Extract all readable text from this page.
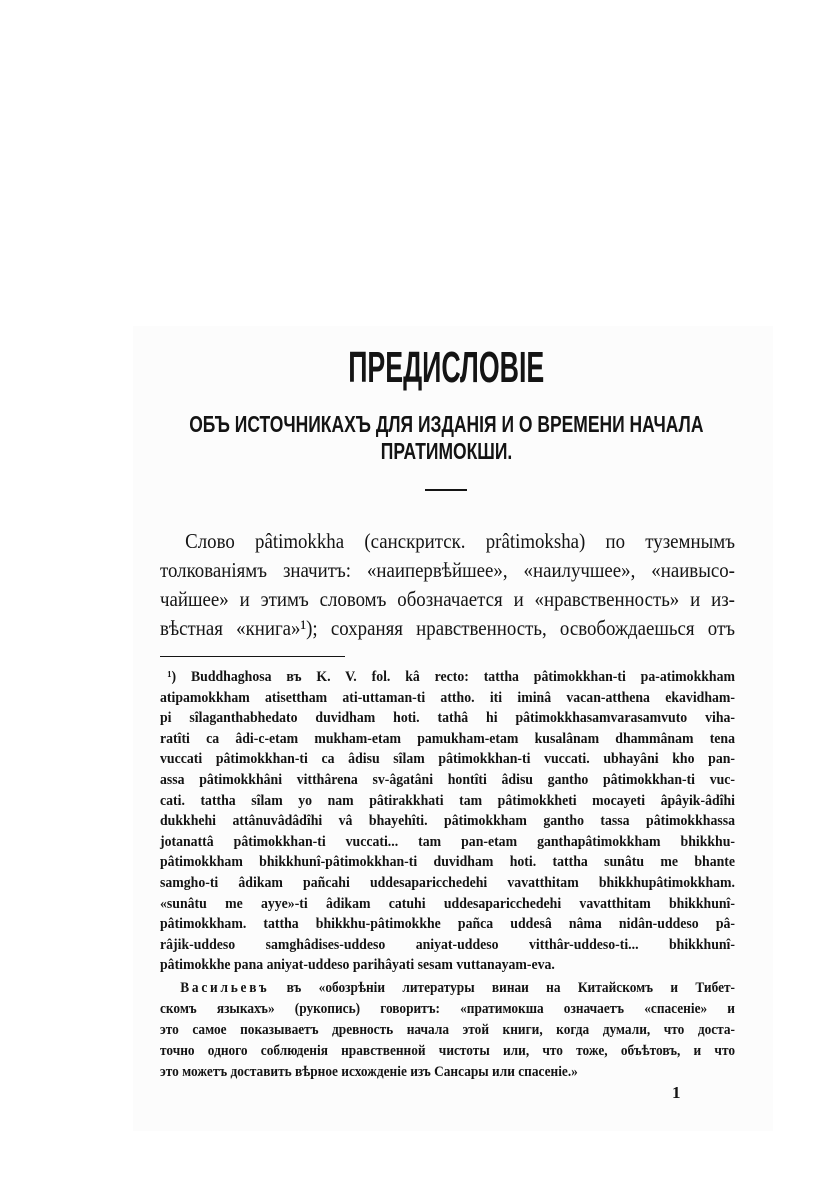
ПРЕДИСЛОВІЕ
ОБЪ ИСТОЧНИКАХЪ ДЛЯ ИЗДАНІЯ И О ВРЕМЕНИ НАЧАЛА
ПРАТИМОКШИ.
Слово pâtimokkha (санскритск. prâtimoksha) по туземнымъ
толкованіямъ значитъ: «наипервѣйшее», «наилучшее», «наивысо-
чайшее» и этимъ словомъ обозначается и «нравственность» и из-
вѣстная «книга»¹); сохраняя нравственность, освобождаешься отъ
¹) Buddhaghosa въ K. V. fol. kâ recto: tattha pâtimokkhan-ti pa-atimokkham
atipamokkham atisettham ati-uttaman-ti attho. iti iminâ vacan-atthena ekavidham-
pi sîlaganthabhedato duvidham hoti. tathâ hi pâtimokkhasamvarasamvuto viha-
ratîti ca âdi-c-etam mukham-etam pamukham-etam kusalânam dhammânam tena
vuccati pâtimokkhan-ti ca âdisu sîlam pâtimokkhan-ti vuccati. ubhayâni kho pan-
assa pâtimokkhâni vitthârena sv-âgatâni hontîti âdisu gantho pâtimokkhan-ti vuc-
cati. tattha sîlam yo nam pâtirakkhati tam pâtimokkheti mocayeti âpâyik-âdîhi
dukkhehi attânuvâdâdîhi vâ bhayehîti. pâtimokkham gantho tassa pâtimokkhassa
jotanattâ pâtimokkhan-ti vuccati... tam pan-etam ganthapâtimokkham bhikkhu-
pâtimokkham bhikkhunî-pâtimokkhan-ti duvidham hoti. tattha sunâtu me bhante
samgho-ti âdikam pañcahi uddesaparicchedehi vavatthitam bhikkhupâtimokkham.
«sunâtu me ayye»-ti âdikam catuhi uddesaparicchedehi vavatthitam bhikkhunî-
pâtimokkham. tattha bhikkhu-pâtimokkhe pañca uddesâ nâma nidân-uddeso pâ-
râjik-uddeso samghâdises-uddeso aniyat-uddeso vitthâr-uddeso-ti... bhikkhunî-
pâtimokkhe pana aniyat-uddeso parihâyati sesam vuttanayam-eva.
Васильевъ въ «обозрѣніи литературы винаи на Китайскомъ и Тибет-
скомъ языкахъ» (рукопись) говоритъ: «пратимокша означаетъ «спасеніе» и
это самое показываетъ древность начала этой книги, когда думали, что доста-
точно одного соблюденія нравственной чистоты или, что тоже, объѣтовъ, и что
это можетъ доставить вѣрное исхожденіе изъ Сансары или спасеніе.»
1
